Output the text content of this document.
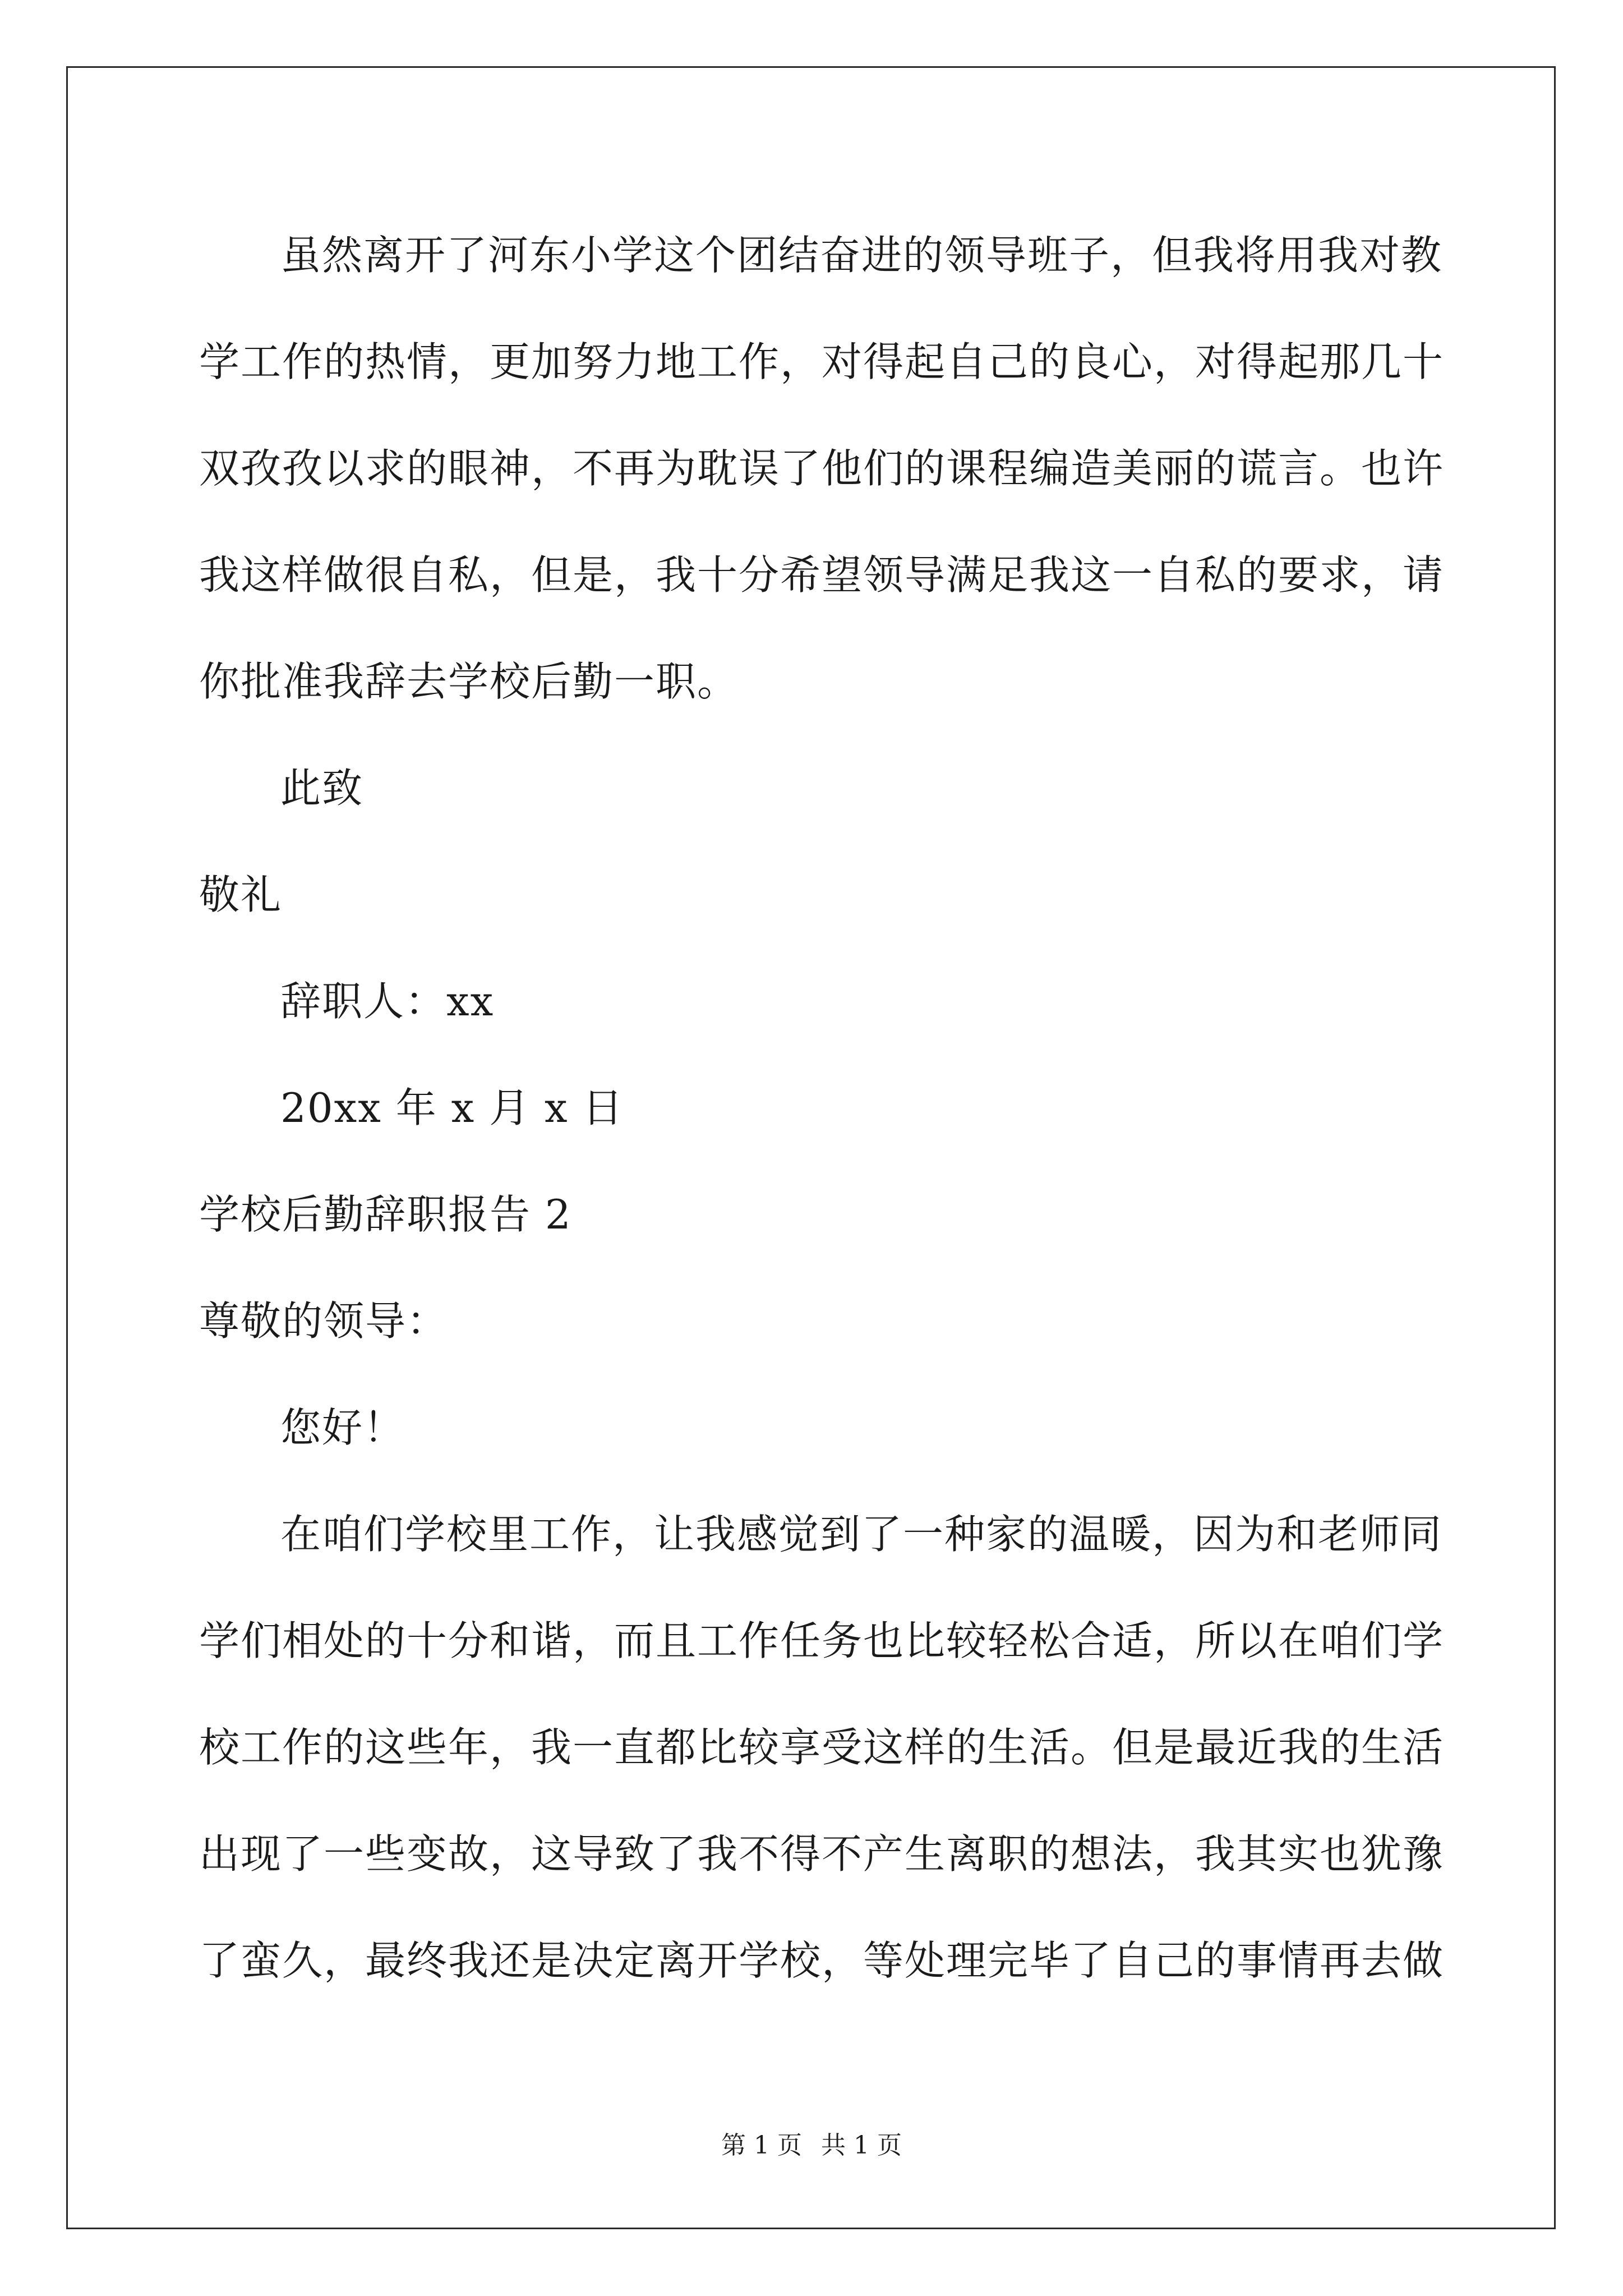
虽然离开了河东小学这个团结奋进的领导班子，但我将用我对教
学工作的热情，更加努力地工作，对得起自己的良心，对得起那几十
双孜孜以求的眼神，不再为耽误了他们的课程编造美丽的谎言。也许
我这样做很自私，但是，我十分希望领导满足我这一自私的要求，请
你批准我辞去学校后勤一职。
此致
敬礼
辞职人：xx
20xx 年 x 月 x 日
学校后勤辞职报告 2
尊敬的领导：
您好！
在咱们学校里工作，让我感觉到了一种家的温暖，因为和老师同
学们相处的十分和谐，而且工作任务也比较轻松合适，所以在咱们学
校工作的这些年，我一直都比较享受这样的生活。但是最近我的生活
出现了一些变故，这导致了我不得不产生离职的想法，我其实也犹豫
了蛮久，最终我还是决定离开学校，等处理完毕了自己的事情再去做
第 1 页 共 1 页
